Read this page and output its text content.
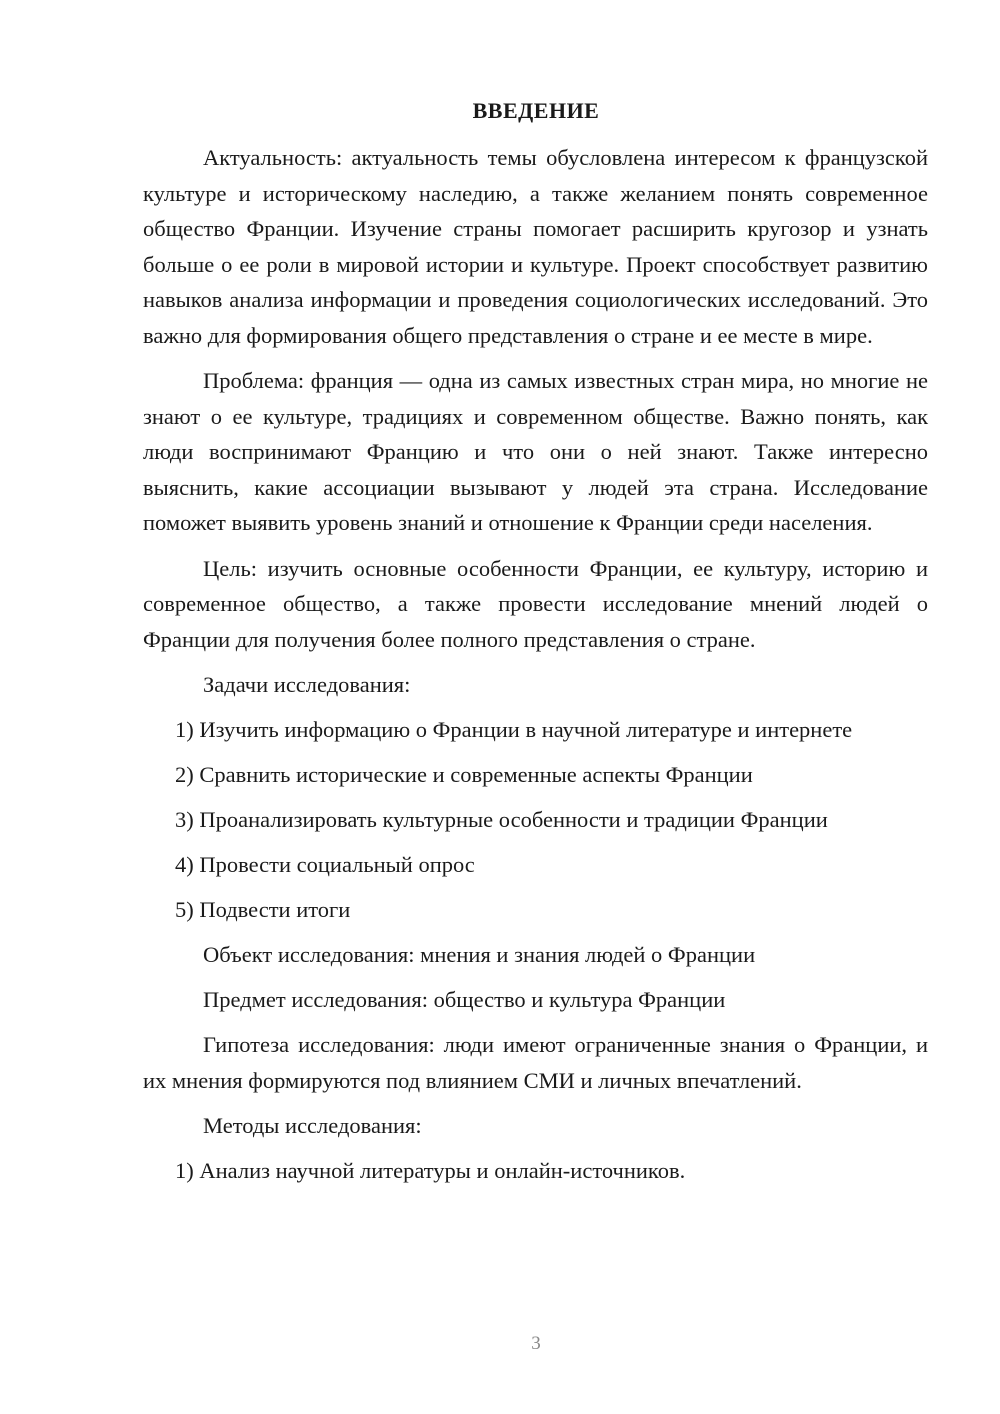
ВВЕДЕНИЕ

Актуальность: актуальность темы обусловлена интересом к французской культуре и историческому наследию, а также желанием понять современное общество Франции. Изучение страны помогает расширить кругозор и узнать больше о ее роли в мировой истории и культуре. Проект способствует развитию навыков анализа информации и проведения социологических исследований. Это важно для формирования общего представления о стране и ее месте в мире.

Проблема: франция — одна из самых известных стран мира, но многие не знают о ее культуре, традициях и современном обществе. Важно понять, как люди воспринимают Францию и что они о ней знают. Также интересно выяснить, какие ассоциации вызывают у людей эта страна. Исследование поможет выявить уровень знаний и отношение к Франции среди населения.

Цель: изучить основные особенности Франции, ее культуру, историю и современное общество, а также провести исследование мнений людей о Франции для получения более полного представления о стране.

Задачи исследования:

1) Изучить информацию о Франции в научной литературе и интернете

2) Сравнить исторические и современные аспекты Франции

3) Проанализировать культурные особенности и традиции Франции

4) Провести социальный опрос

5) Подвести итоги

Объект исследования: мнения и знания людей о Франции

Предмет исследования: общество и культура Франции

Гипотеза исследования: люди имеют ограниченные знания о Франции, и их мнения формируются под влиянием СМИ и личных впечатлений.

Методы исследования:

1) Анализ научной литературы и онлайн-источников.

3
